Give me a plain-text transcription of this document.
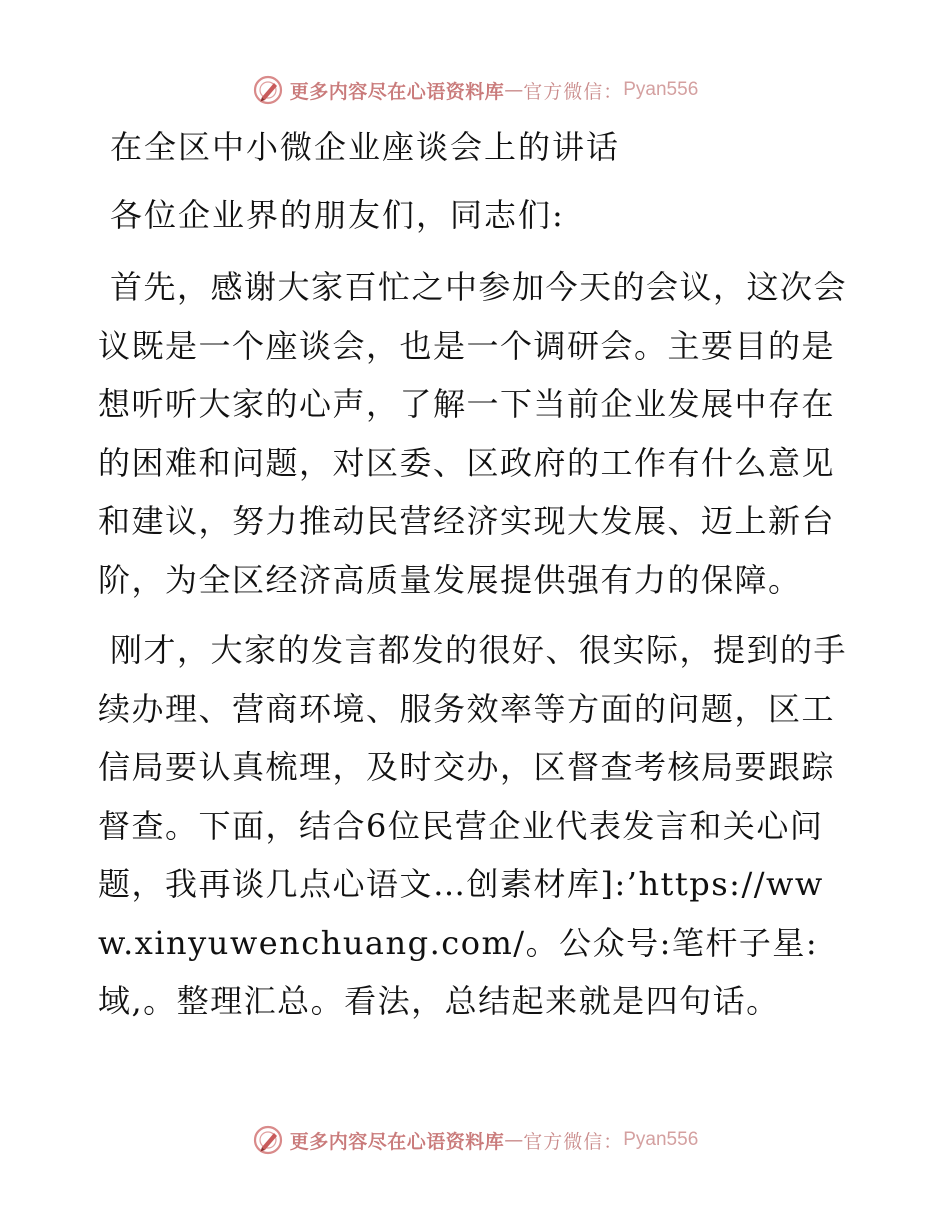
更多内容尽在心语资料库 — 官方微信： Pyan556
在全区中小微企业座谈会上的讲话
各位企业界的朋友们，同志们:

首先，感谢大家百忙之中参加今天的会议，这次会议既是一个座谈会，也是一个调研会。主要目的是想听听大家的心声，了解一下当前企业发展中存在的困难和问题，对区委、区政府的工作有什么意见和建议，努力推动民营经济实现大发展、迈上新台阶，为全区经济高质量发展提供强有力的保障。

刚才，大家的发言都发的很好、很实际，提到的手续办理、营商环境、服务效率等方面的问题，区工信局要认真梳理，及时交办，区督查考核局要跟踪督查。下面，结合6位民营企业代表发言和关心问题，我再谈几点心语文…创素材库]:’https://www.xinyuwenchuang.com/。公众号:笔杆子星:域,。整理汇总。看法，总结起来就是四句话。

更多内容尽在心语资料库 — 官方微信： Pyan556
